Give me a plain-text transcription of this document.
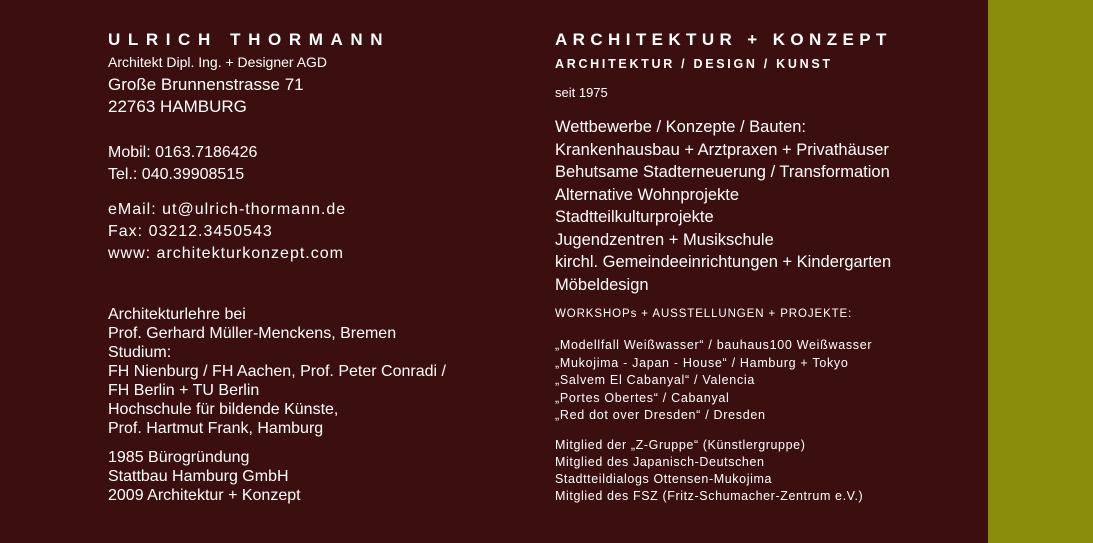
ULRICH THORMANN
Architekt Dipl. Ing. + Designer AGD
Große Brunnenstrasse 71
22763 HAMBURG
Mobil: 0163.7186426
Tel.: 040.39908515
eMail: ut@ulrich-thormann.de
Fax: 03212.3450543
www: architekturkonzept.com
Architekturlehre bei
Prof. Gerhard Müller-Menckens, Bremen
Studium:
FH Nienburg / FH Aachen, Prof. Peter Conradi /
FH Berlin + TU Berlin
Hochschule für bildende Künste,
Prof. Hartmut Frank, Hamburg
1985 Bürogründung
Stattbau Hamburg GmbH
2009 Architektur + Konzept
ARCHITEKTUR + KONZEPT
ARCHITEKTUR / DESIGN / KUNST
seit 1975
Wettbewerbe / Konzepte / Bauten:
Krankenhausbau + Arztpraxen + Privathäuser
Behutsame Stadterneuerung / Transformation
Alternative Wohnprojekte
Stadtteilkulturprojekte
Jugendzentren + Musikschule
kirchl. Gemeindeeinrichtungen + Kindergarten
Möbeldesign
WORKSHOPs + AUSSTELLUNGEN + PROJEKTE:
„Modellfall Weißwasser“ / bauhaus100 Weißwasser
„Mukojima - Japan - House“ / Hamburg + Tokyo
„Salvem El Cabanyal“ / Valencia
„Portes Obertes“ / Cabanyal
„Red dot over Dresden“ / Dresden
Mitglied der „Z-Gruppe“ (Künstlergruppe)
Mitglied des Japanisch-Deutschen
Stadtteildialogs Ottensen-Mukojima
Mitglied des FSZ (Fritz-Schumacher-Zentrum e.V.)
